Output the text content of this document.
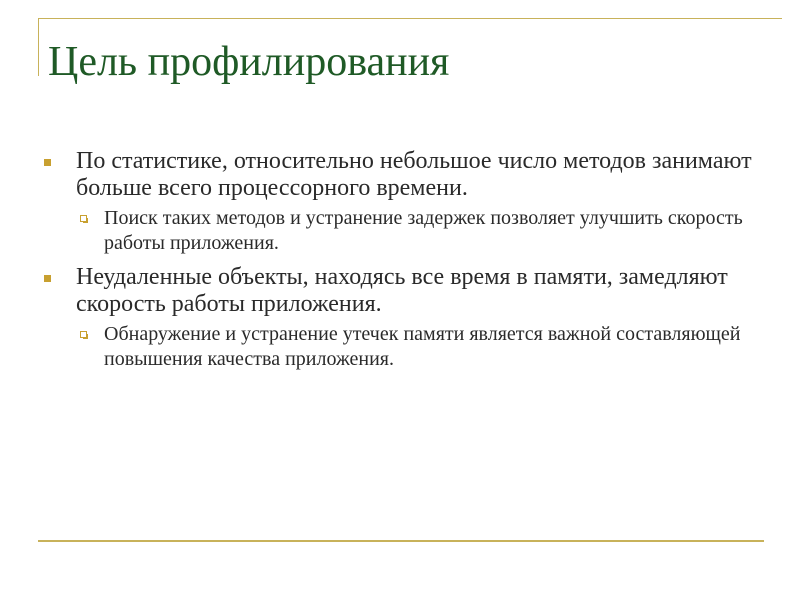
Цель профилирования
По статистике, относительно небольшое число методов занимают больше всего процессорного времени.
Поиск таких методов и устранение задержек позволяет улучшить скорость работы приложения.
Неудаленные объекты, находясь все время в памяти, замедляют скорость работы приложения.
Обнаружение и устранение утечек памяти является важной составляющей повышения качества приложения.
